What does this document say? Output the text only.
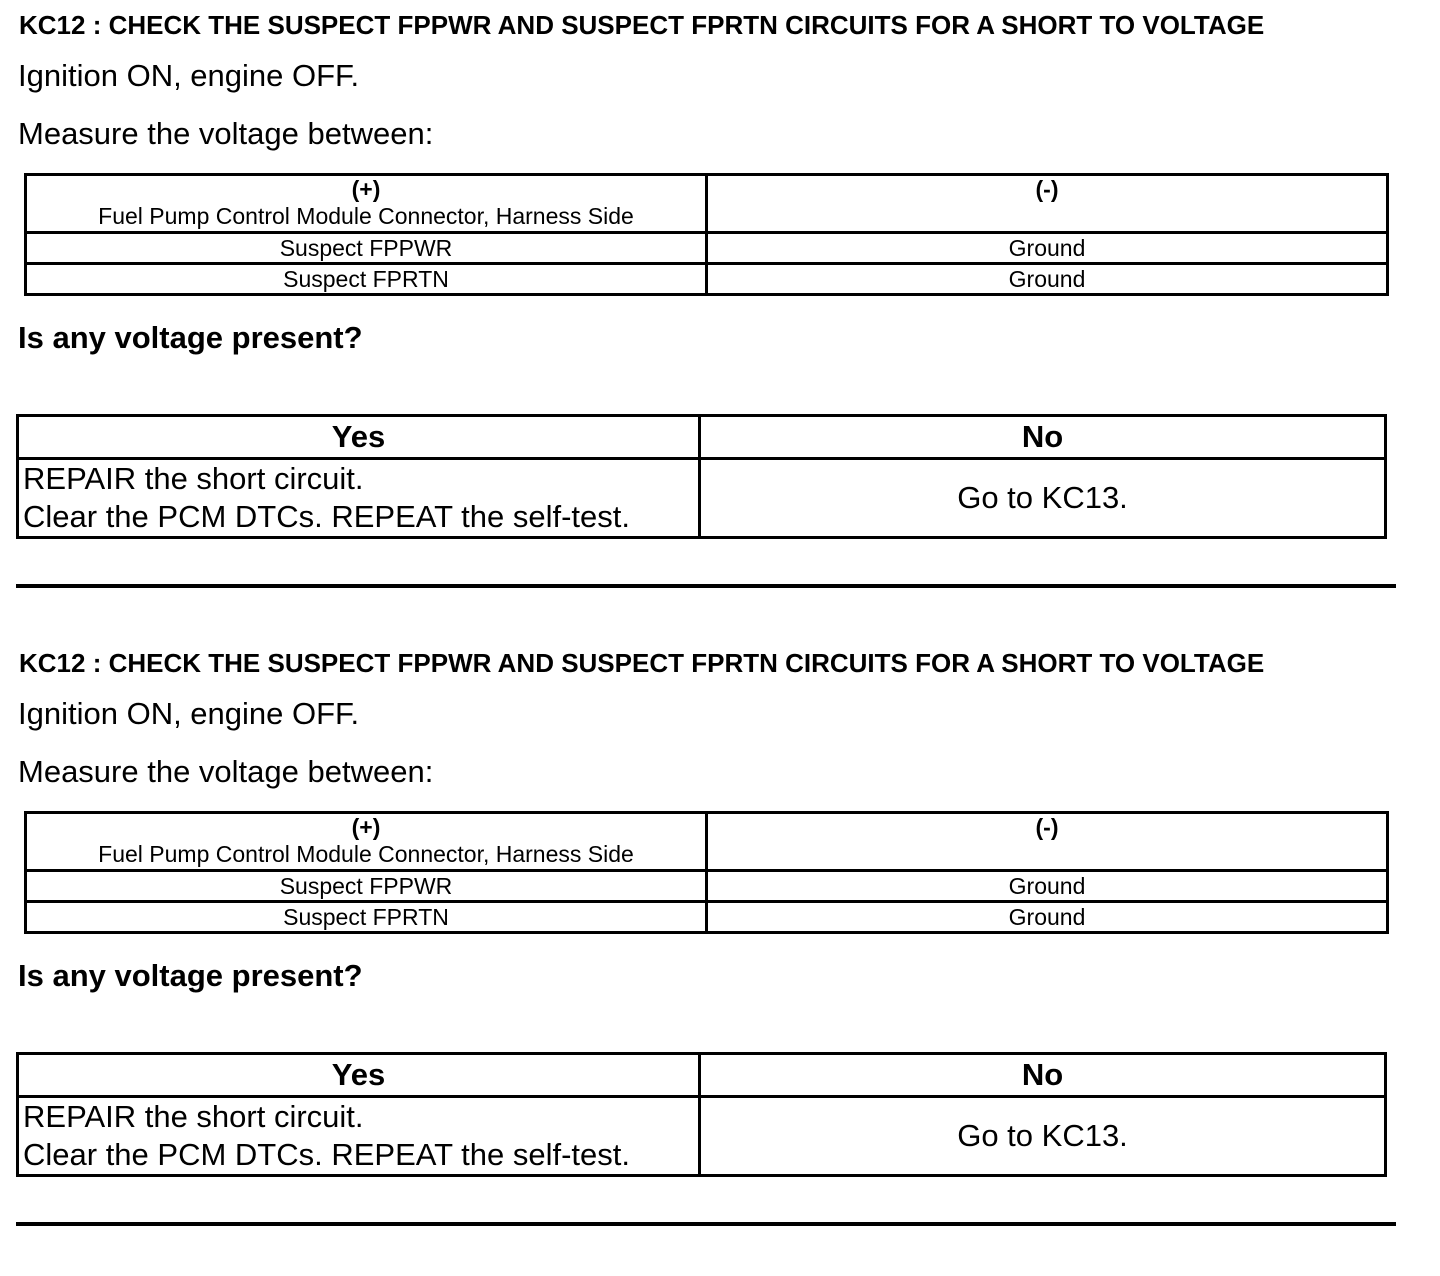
KC12 : CHECK THE SUSPECT FPPWR AND SUSPECT FPRTN CIRCUITS FOR A SHORT TO VOLTAGE
Ignition ON, engine OFF.
Measure the voltage between:
(+)
Fuel Pump Control Module Connector, Harness Side	(-)

Suspect FPPWR	Ground
Suspect FPRTN	Ground
Is any voltage present?
Yes	No

REPAIR the short circuit.
Clear the PCM DTCs. REPEAT the self-test.	Go to KC13.
KC12 : CHECK THE SUSPECT FPPWR AND SUSPECT FPRTN CIRCUITS FOR A SHORT TO VOLTAGE
Ignition ON, engine OFF.
Measure the voltage between:
(+)
Fuel Pump Control Module Connector, Harness Side	(-)

Suspect FPPWR	Ground
Suspect FPRTN	Ground
Is any voltage present?
Yes	No

REPAIR the short circuit.
Clear the PCM DTCs. REPEAT the self-test.	Go to KC13.
